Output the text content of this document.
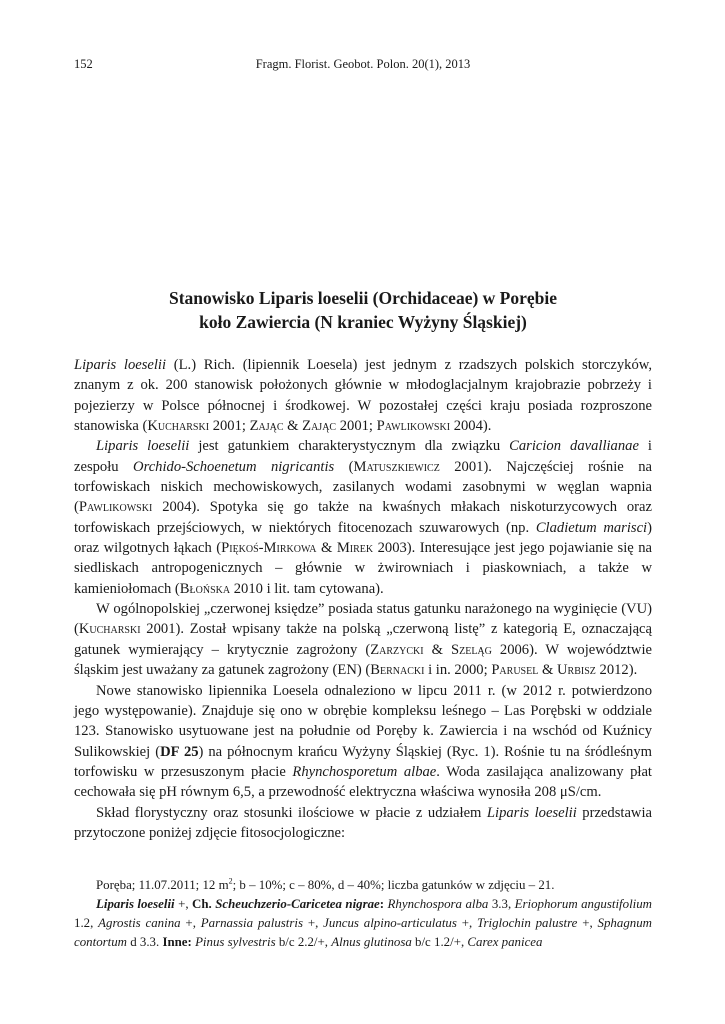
152	Fragm. Florist. Geobot. Polon. 20(1), 2013
Stanowisko Liparis loeselii (Orchidaceae) w Porębie
koło Zawiercia (N kraniec Wyżyny Śląskiej)

Liparis loeselii (L.) Rich. (lipiennik Loesela) jest jednym z rzadszych polskich storczyków, znanym z ok. 200 stanowisk położonych głównie w młodoglacjalnym krajobrazie pobrzeży i pojezierzy w Polsce północnej i środkowej. W pozostałej części kraju posiada rozproszone stanowiska (Kucharski 2001; Zając & Zając 2001; Pawlikowski 2004).

Liparis loeselii jest gatunkiem charakterystycznym dla związku Caricion davallianae i zespołu Orchido-Schoenetum nigricantis (Matuszkiewicz 2001). Najczęściej rośnie na torfowiskach niskich mechowiskowych, zasilanych wodami zasobnymi w węglan wapnia (Pawlikowski 2004). Spotyka się go także na kwaśnych młakach niskoturzycowych oraz torfowiskach przejściowych, w niektórych fitocenozach szuwarowych (np. Cladietum marisci) oraz wilgotnych łąkach (Piękoś-Mirkowa & Mirek 2003). Interesujące jest jego pojawianie się na siedliskach antropogenicznych – głównie w żwirowniach i piaskowniach, a także w kamieniołomach (Błońska 2010 i lit. tam cytowana).

W ogólnopolskiej „czerwonej księdze” posiada status gatunku narażonego na wyginięcie (VU) (Kucharski 2001). Został wpisany także na polską „czerwoną listę” z kategorią E, oznaczającą gatunek wymierający – krytycznie zagrożony (Zarzycki & Szeląg 2006). W województwie śląskim jest uważany za gatunek zagrożony (EN) (Bernacki i in. 2000; Parusel & Urbisz 2012).

Nowe stanowisko lipiennika Loesela odnaleziono w lipcu 2011 r. (w 2012 r. potwierdzono jego występowanie). Znajduje się ono w obrębie kompleksu leśnego – Las Porębski w oddziale 123. Stanowisko usytuowane jest na południe od Poręby k. Zawiercia i na wschód od Kuźnicy Sulikowskiej (DF 25) na północnym krańcu Wyżyny Śląskiej (Ryc. 1). Rośnie tu na śródleśnym torfowisku w przesuszonym płacie Rhynchosporetum albae. Woda zasilająca analizowany płat cechowała się pH równym 6,5, a przewodność elektryczna właściwa wynosiła 208 μS/cm.

Skład florystyczny oraz stosunki ilościowe w płacie z udziałem Liparis loeselii przedstawia przytoczone poniżej zdjęcie fitosocjologiczne:

Poręba; 11.07.2011; 12 $m^2$; b – 10%; c – 80%, d – 40%; liczba gatunków w zdjęciu – 21.

Liparis loeselii +, Ch. Scheuchzerio-Caricetea nigrae: Rhynchospora alba 3.3, Eriophorum angustifolium 1.2, Agrostis canina +, Parnassia palustris +, Juncus alpino-articulatus +, Triglochin palustre +, Sphagnum contortum d 3.3. Inne: Pinus sylvestris b/c 2.2/+, Alnus glutinosa b/c 1.2/+, Carex panicea
